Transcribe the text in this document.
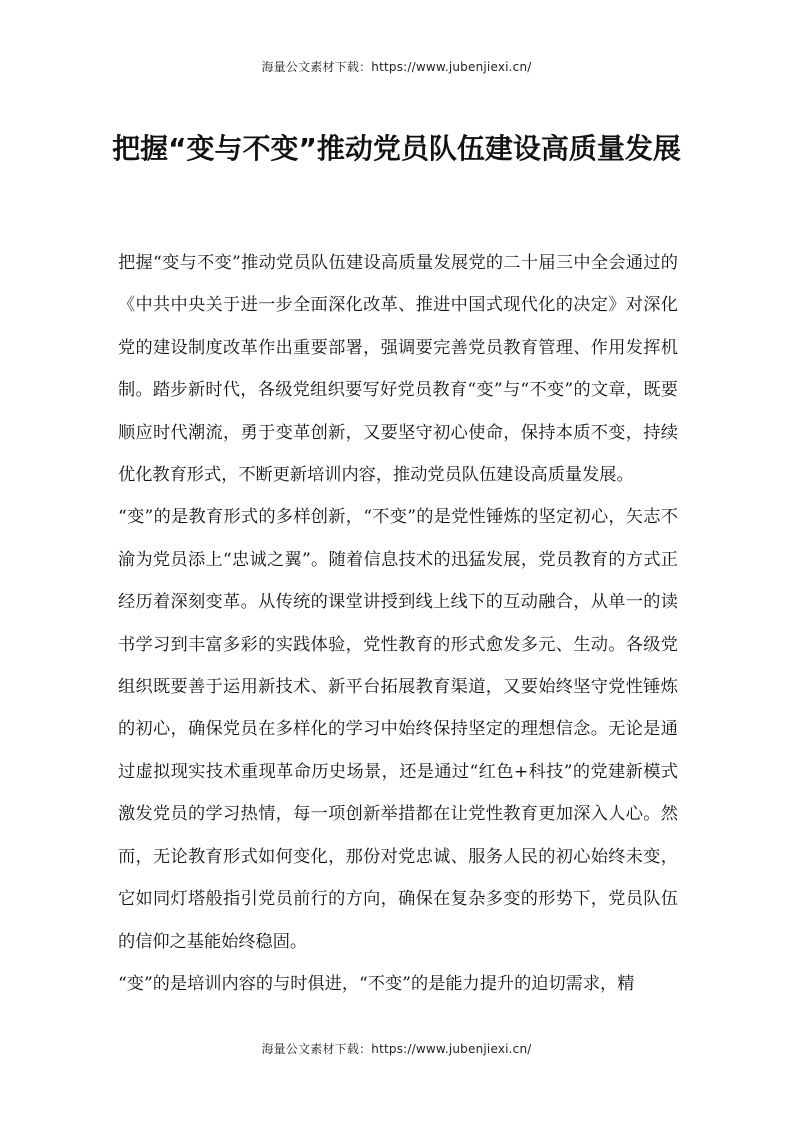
海量公文素材下载：https://www.jubenjiexi.cn/
把握“变与不变”推动党员队伍建设高质量发展

把握“变与不变”推动党员队伍建设高质量发展党的二十届三中全会通过的《中共中央关于进一步全面深化改革、推进中国式现代化的决定》对深化党的建设制度改革作出重要部署，强调要完善党员教育管理、作用发挥机制。踏步新时代，各级党组织要写好党员教育“变”与“不变”的文章，既要顺应时代潮流，勇于变革创新，又要坚守初心使命，保持本质不变，持续优化教育形式，不断更新培训内容，推动党员队伍建设高质量发展。

“变”的是教育形式的多样创新，“不变”的是党性锤炼的坚定初心，矢志不渝为党员添上“忠诚之翼”。随着信息技术的迅猛发展，党员教育的方式正经历着深刻变革。从传统的课堂讲授到线上线下的互动融合，从单一的读书学习到丰富多彩的实践体验，党性教育的形式愈发多元、生动。各级党组织既要善于运用新技术、新平台拓展教育渠道，又要始终坚守党性锤炼的初心，确保党员在多样化的学习中始终保持坚定的理想信念。无论是通过虚拟现实技术重现革命历史场景，还是通过“红色+科技”的党建新模式激发党员的学习热情，每一项创新举措都在让党性教育更加深入人心。然而，无论教育形式如何变化，那份对党忠诚、服务人民的初心始终未变，它如同灯塔般指引党员前行的方向，确保在复杂多变的形势下，党员队伍的信仰之基能始终稳固。

“变”的是培训内容的与时俱进，“不变”的是能力提升的迫切需求，精

海量公文素材下载：https://www.jubenjiexi.cn/
